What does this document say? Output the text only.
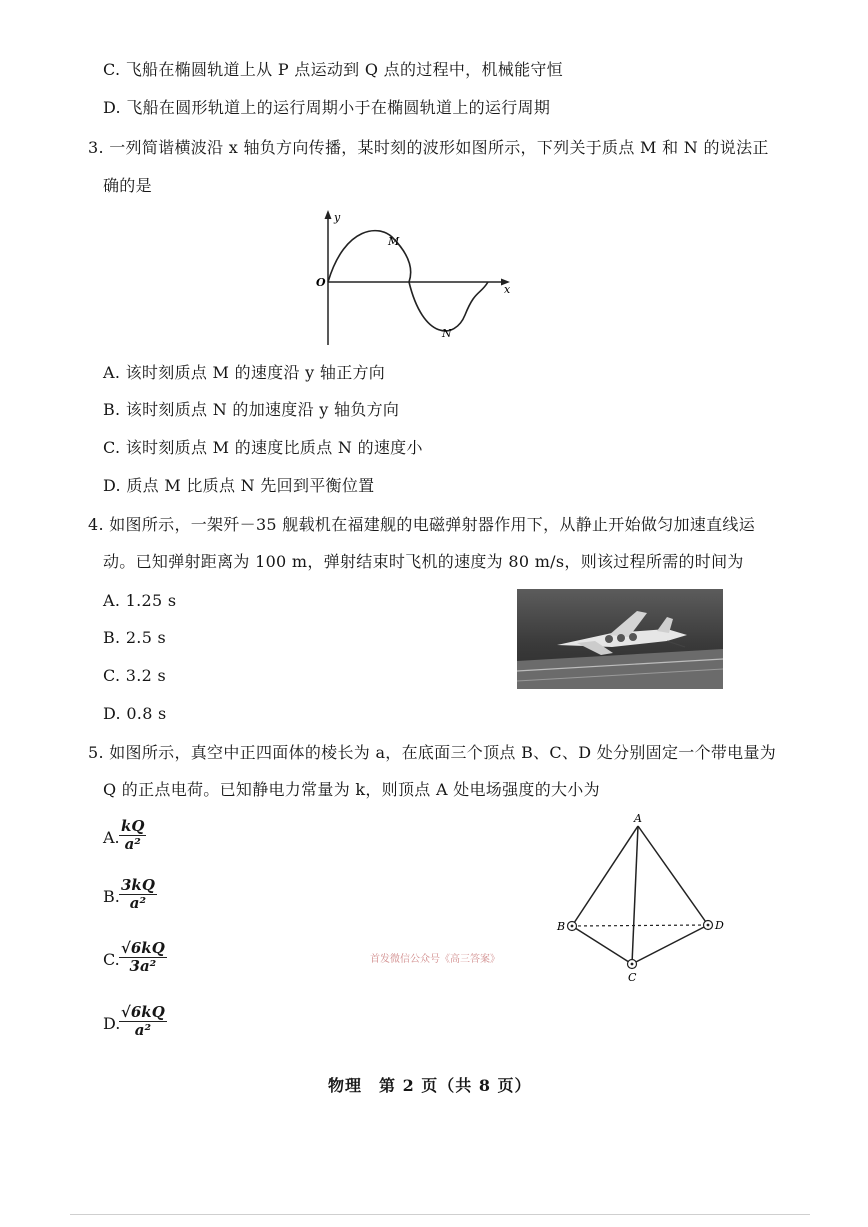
C. 飞船在椭圆轨道上从 P 点运动到 Q 点的过程中，机械能守恒
D. 飞船在圆形轨道上的运行周期小于在椭圆轨道上的运行周期
3. 一列简谐横波沿 x 轴负方向传播，某时刻的波形如图所示，下列关于质点 M 和 N 的说法正
确的是
y
x
O
M
N
A. 该时刻质点 M 的速度沿 y 轴正方向
B. 该时刻质点 N 的加速度沿 y 轴负方向
C. 该时刻质点 M 的速度比质点 N 的速度小
D. 质点 M 比质点 N 先回到平衡位置
4. 如图所示，一架歼－35 舰载机在福建舰的电磁弹射器作用下，从静止开始做匀加速直线运
动。已知弹射距离为 100 m，弹射结束时飞机的速度为 80 m/s，则该过程所需的时间为
A. 1.25 s
B. 2.5 s
C. 3.2 s
D. 0.8 s
5. 如图所示，真空中正四面体的棱长为 a，在底面三个顶点 B、C、D 处分别固定一个带电量为
Q 的正点电荷。已知静电力常量为 k，则顶点 A 处电场强度的大小为
A. $\frac{kQ}{\text{a²}}$
B. $\frac{3kQ}{\text{a²}}$
C. $\frac{√6kQ}{\text{3a²}}$
D.
$\frac{√6kQ}{\text{a²}}$
A
B	D
C
首发微信公众号《高三答案》
物理　第 2 页（共 8 页）
